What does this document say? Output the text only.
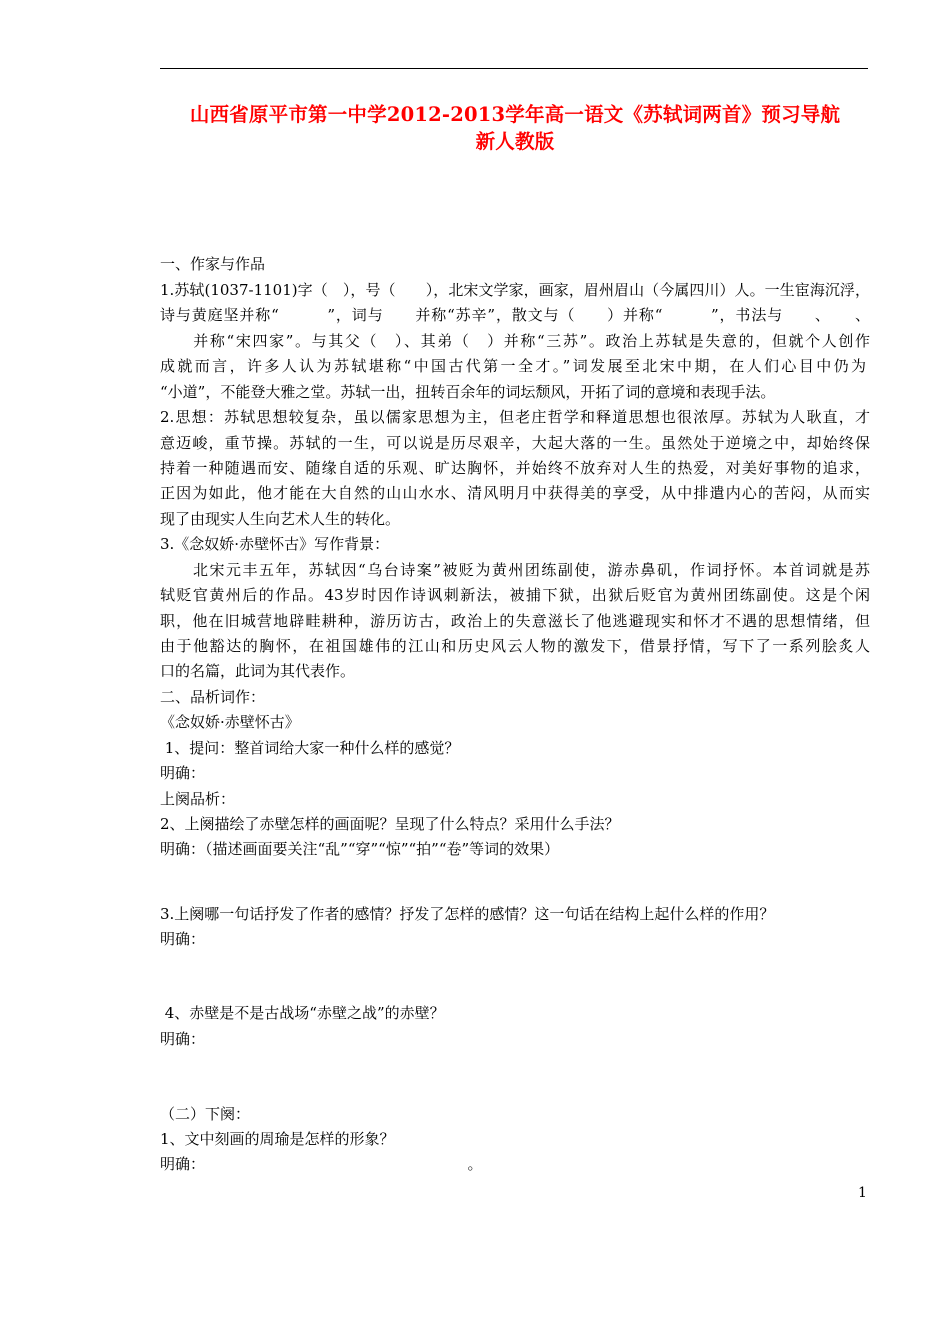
山西省原平市第一中学2012-2013学年高一语文《苏轼词两首》预习导航
新人教版

一、作家与作品

1.苏轼(1037-1101)字（　），号（　　），北宋文学家，画家，眉州眉山（今属四川）人。一生宦海沉浮，

诗与黄庭坚并称“　　　”，词与　　并称“苏辛”，散文与（　　）并称“　　　”，书法与　　、　　、

　　并称“宋四家”。与其父（　）、其弟（　）并称“三苏”。政治上苏轼是失意的，但就个人创作

成就而言，许多人认为苏轼堪称“中国古代第一全才。”词发展至北宋中期，在人们心目中仍为

“小道”，不能登大雅之堂。苏轼一出，扭转百余年的词坛颓风，开拓了词的意境和表现手法。

2.思想：苏轼思想较复杂，虽以儒家思想为主，但老庄哲学和释道思想也很浓厚。苏轼为人耿直，才

意迈峻，重节操。苏轼的一生，可以说是历尽艰辛，大起大落的一生。虽然处于逆境之中，却始终保

持着一种随遇而安、随缘自适的乐观、旷达胸怀，并始终不放弃对人生的热爱，对美好事物的追求，

正因为如此，他才能在大自然的山山水水、清风明月中获得美的享受，从中排遣内心的苦闷，从而实

现了由现实人生向艺术人生的转化。

3.《念奴娇·赤壁怀古》写作背景：

　　北宋元丰五年，苏轼因“乌台诗案”被贬为黄州团练副使，游赤鼻矶，作词抒怀。本首词就是苏

轼贬官黄州后的作品。43岁时因作诗讽刺新法，被捕下狱，出狱后贬官为黄州团练副使。这是个闲

职，他在旧城营地辟畦耕种，游历访古，政治上的失意滋长了他逃避现实和怀才不遇的思想情绪，但

由于他豁达的胸怀，在祖国雄伟的江山和历史风云人物的激发下，借景抒情，写下了一系列脍炙人

口的名篇，此词为其代表作。

二、品析词作：

《念奴娇·赤壁怀古》

1、提问：整首词给大家一种什么样的感觉？

明确：

上阕品析：

2、上阕描绘了赤壁怎样的画面呢？呈现了什么特点？采用什么手法？

明确：（描述画面要关注“乱”“穿”“惊”“拍”“卷”等词的效果）

3.上阕哪一句话抒发了作者的感情？抒发了怎样的感情？这一句话在结构上起什么样的作用？

明确：

4、赤壁是不是古战场“赤壁之战”的赤壁？

明确：

（二）下阕：

1、文中刻画的周瑜是怎样的形象？

明确：　　　　　　　　　　　　　　　　　　。

1
